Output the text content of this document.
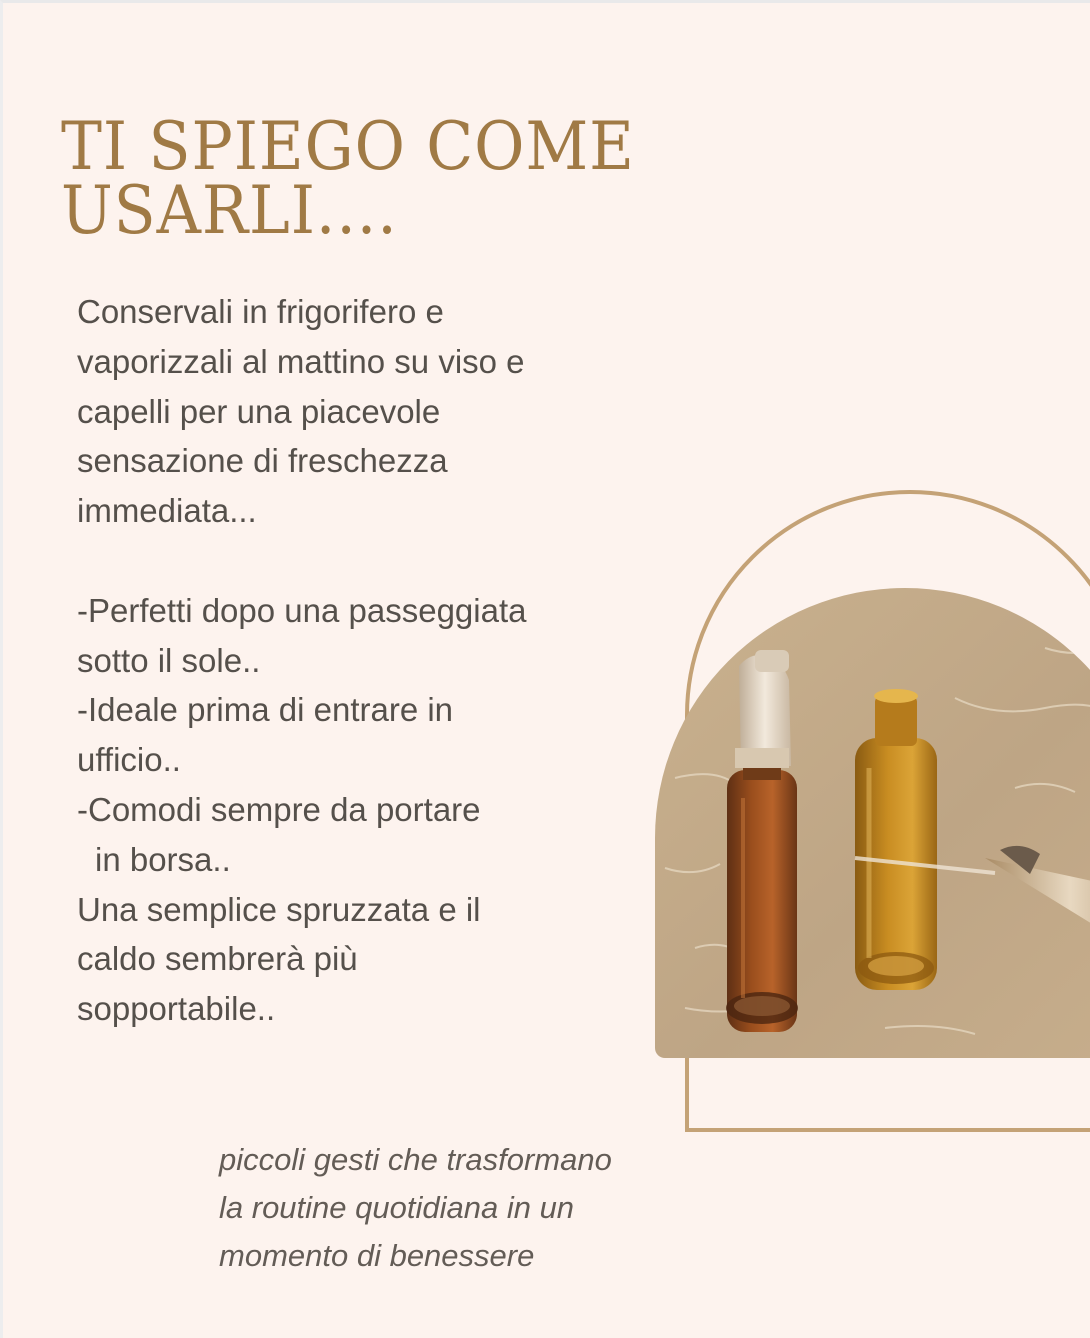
TI SPIEGO COME
USARLI....
Conservali in frigorifero e
vaporizzali al mattino su viso e
capelli per una piacevole
sensazione di freschezza
immediata...
-Perfetti dopo una passeggiata
sotto il sole..
-Ideale prima di entrare in
ufficio..
-Comodi sempre da portare
in borsa..
Una semplice spruzzata e il
caldo sembrerà più
sopportabile..
piccoli gesti che trasformano
la routine quotidiana in un
momento di benessere
